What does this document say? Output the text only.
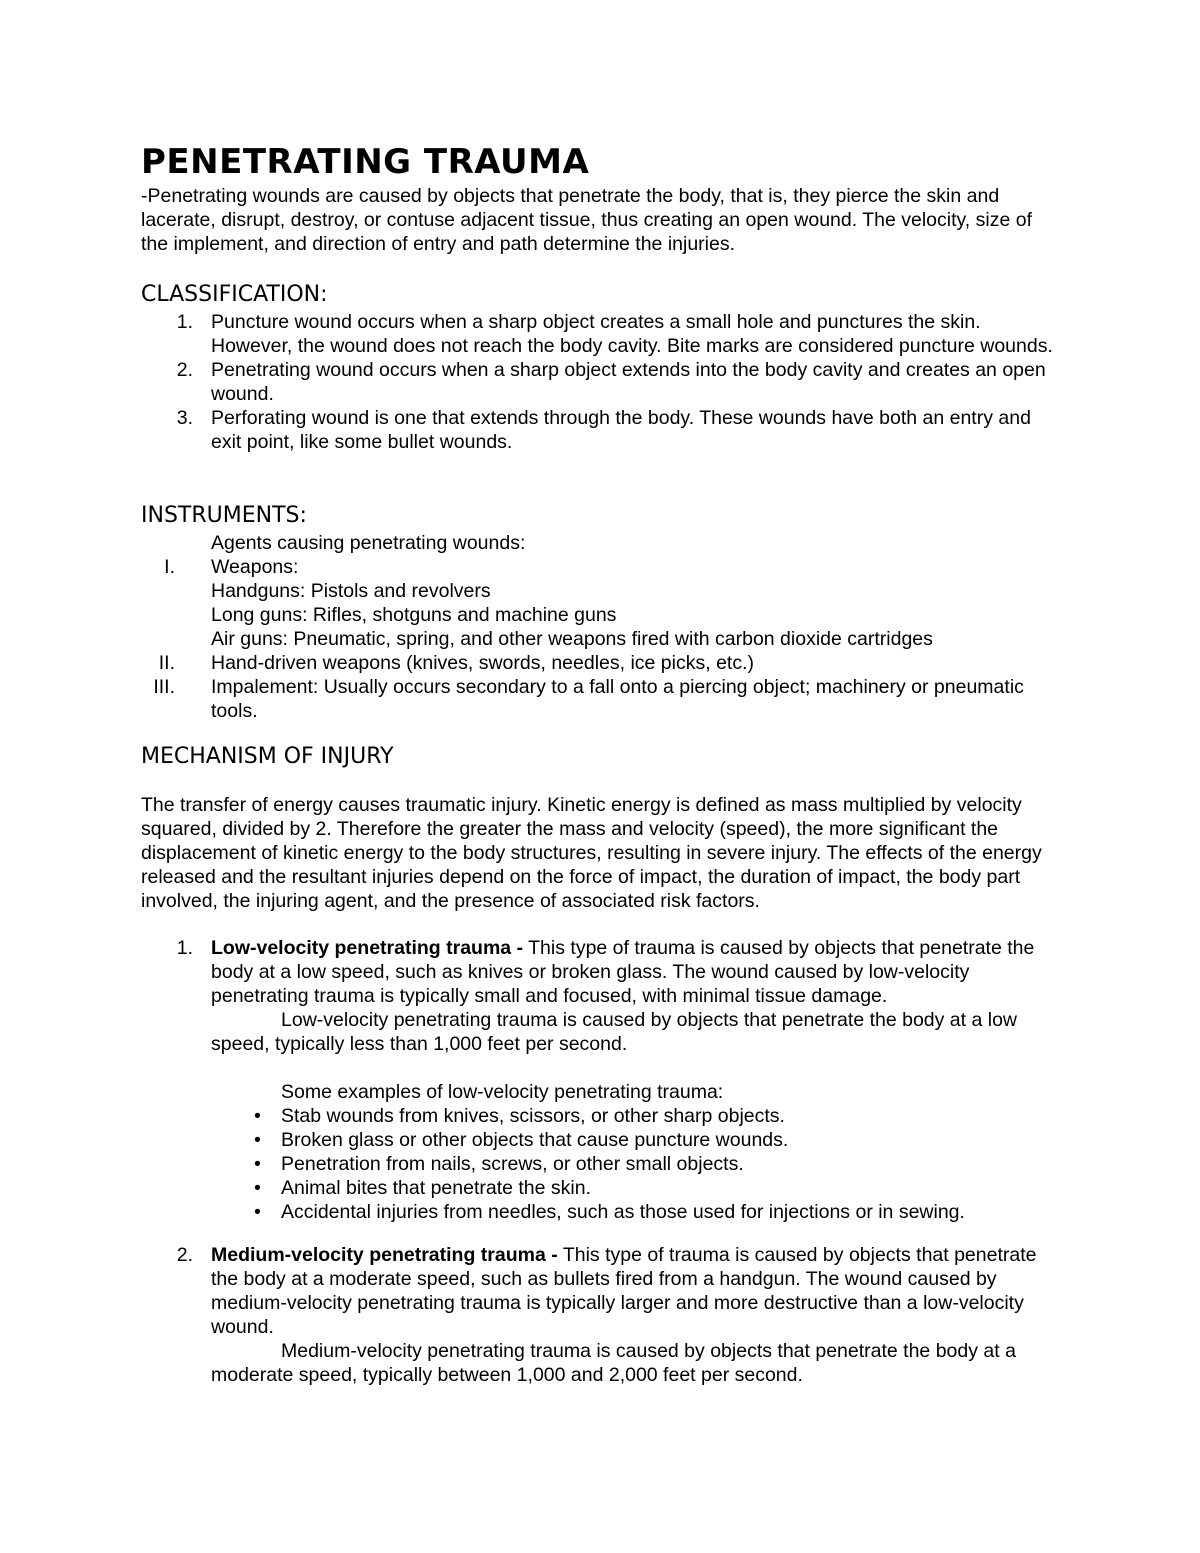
PENETRATING TRAUMA

-Penetrating wounds are caused by objects that penetrate the body, that is, they pierce the skin and lacerate, disrupt, destroy, or contuse adjacent tissue, thus creating an open wound. The velocity, size of the implement, and direction of entry and path determine the injuries.

CLASSIFICATION:
1. Puncture wound occurs when a sharp object creates a small hole and punctures the skin. However, the wound does not reach the body cavity. Bite marks are considered puncture wounds.
2. Penetrating wound occurs when a sharp object extends into the body cavity and creates an open wound.
3. Perforating wound is one that extends through the body. These wounds have both an entry and exit point, like some bullet wounds.
INSTRUMENTS:
Agents causing penetrating wounds:
I. Weapons:
Handguns: Pistols and revolvers
Long guns: Rifles, shotguns and machine guns
Air guns: Pneumatic, spring, and other weapons fired with carbon dioxide cartridges
II. Hand-driven weapons (knives, swords, needles, ice picks, etc.)
III. Impalement: Usually occurs secondary to a fall onto a piercing object; machinery or pneumatic tools.
MECHANISM OF INJURY

The transfer of energy causes traumatic injury. Kinetic energy is defined as mass multiplied by velocity squared, divided by 2. Therefore the greater the mass and velocity (speed), the more significant the displacement of kinetic energy to the body structures, resulting in severe injury. The effects of the energy released and the resultant injuries depend on the force of impact, the duration of impact, the body part involved, the injuring agent, and the presence of associated risk factors.

1. Low-velocity penetrating trauma - This type of trauma is caused by objects that penetrate the body at a low speed, such as knives or broken glass. The wound caused by low-velocity penetrating trauma is typically small and focused, with minimal tissue damage.

Low-velocity penetrating trauma is caused by objects that penetrate the body at a low speed, typically less than 1,000 feet per second.

Some examples of low-velocity penetrating trauma:
• Stab wounds from knives, scissors, or other sharp objects.
• Broken glass or other objects that cause puncture wounds.
• Penetration from nails, screws, or other small objects.
• Animal bites that penetrate the skin.
• Accidental injuries from needles, such as those used for injections or in sewing.
2. Medium-velocity penetrating trauma - This type of trauma is caused by objects that penetrate the body at a moderate speed, such as bullets fired from a handgun. The wound caused by medium-velocity penetrating trauma is typically larger and more destructive than a low-velocity wound.

Medium-velocity penetrating trauma is caused by objects that penetrate the body at a moderate speed, typically between 1,000 and 2,000 feet per second.
